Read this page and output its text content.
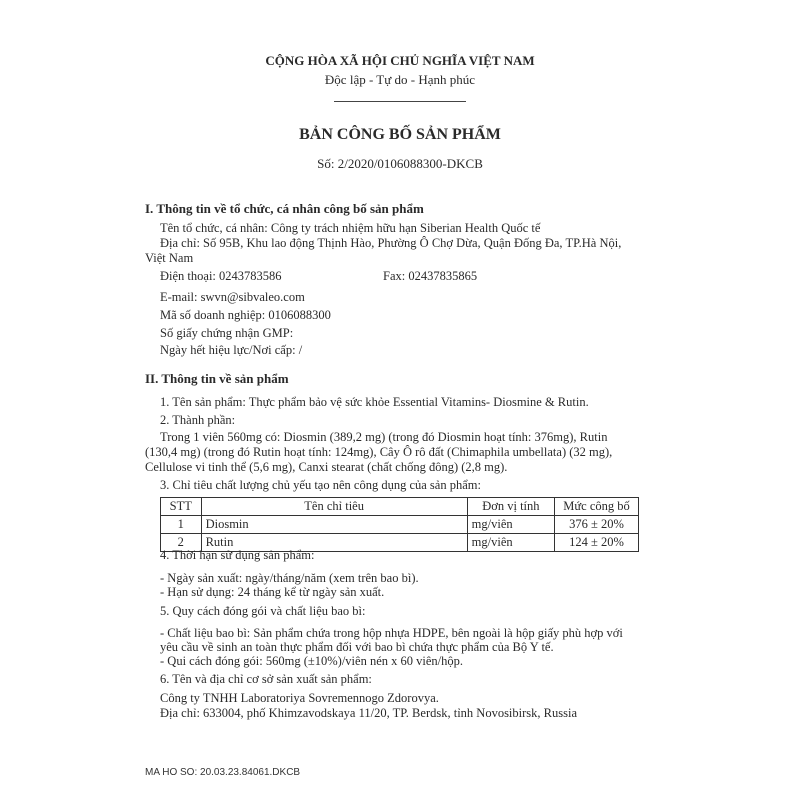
CỘNG HÒA XÃ HỘI CHỦ NGHĨA VIỆT NAM
Độc lập - Tự do - Hạnh phúc
BẢN CÔNG BỐ SẢN PHẨM
Số: 2/2020/0106088300-DKCB
I. Thông tin về tổ chức, cá nhân công bố sản phẩm
Tên tổ chức, cá nhân: Công ty trách nhiệm hữu hạn Siberian Health Quốc tế
Địa chỉ: Số 95B, Khu lao động Thịnh Hào, Phường Ô Chợ Dừa, Quận Đống Đa, TP.Hà Nội,
Việt Nam
Điện thoại: 0243783586	Fax: 02437835865
E-mail: swvn@sibvaleo.com
Mã số doanh nghiệp: 0106088300
Số giấy chứng nhận GMP:
Ngày hết hiệu lực/Nơi cấp: /
II. Thông tin về sản phẩm
1. Tên sản phẩm: Thực phẩm bảo vệ sức khỏe Essential Vitamins- Diosmine & Rutin.
2. Thành phần:
Trong 1 viên 560mg có: Diosmin (389,2 mg) (trong đó Diosmin hoạt tính: 376mg), Rutin
(130,4 mg) (trong đó Rutin hoạt tính: 124mg), Cây Ô rô đất (Chimaphila umbellata) (32 mg),
Cellulose vi tinh thể (5,6 mg), Canxi stearat (chất chống đông) (2,8 mg).
3. Chỉ tiêu chất lượng chủ yếu tạo nên công dụng của sản phẩm:
STT	Tên chỉ tiêu	Đơn vị tính	Mức công bố
1	Diosmin	mg/viên	376 ± 20%
2	Rutin	mg/viên	124 ± 20%
4. Thời hạn sử dụng sản phẩm:
- Ngày sản xuất: ngày/tháng/năm (xem trên bao bì).
- Hạn sử dụng: 24 tháng kể từ ngày sản xuất.
5. Quy cách đóng gói và chất liệu bao bì:
- Chất liệu bao bì: Sản phẩm chứa trong hộp nhựa HDPE, bên ngoài là hộp giấy phù hợp với
yêu cầu về sinh an toàn thực phẩm đối với bao bì chứa thực phẩm của Bộ Y tế.
- Qui cách đóng gói: 560mg (±10%)/viên nén x 60 viên/hộp.
6. Tên và địa chỉ cơ sở sản xuất sản phẩm:
Công ty TNHH Laboratoriya Sovremennogo Zdorovya.
Địa chỉ: 633004, phố Khimzavodskaya 11/20, TP. Berdsk, tỉnh Novosibirsk, Russia
MA HO SO: 20.03.23.84061.DKCB
